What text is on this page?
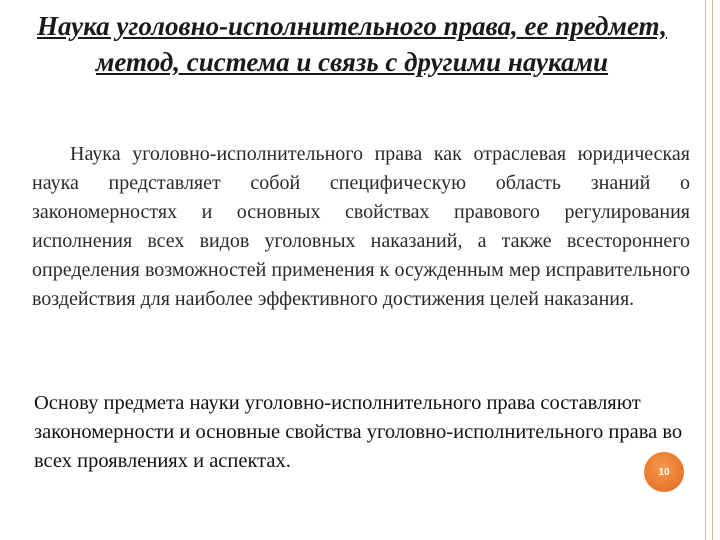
Наука уголовно-исполнительного права, ее предмет, метод, система и связь с другими науками
Наука уголовно-исполнительного права как отраслевая юридическая наука представляет собой специфическую область знаний о закономерностях и основных свойствах правового регулирования исполнения всех видов уголовных наказаний, а также всестороннего определения возможностей применения к осужденным мер исправительного воздействия для наиболее эффективного достижения целей наказания.
Основу предмета науки уголовно-исполнительного права составляют закономерности и основные свойства уголовно-исполнительного права во всех проявлениях и аспектах.	10
